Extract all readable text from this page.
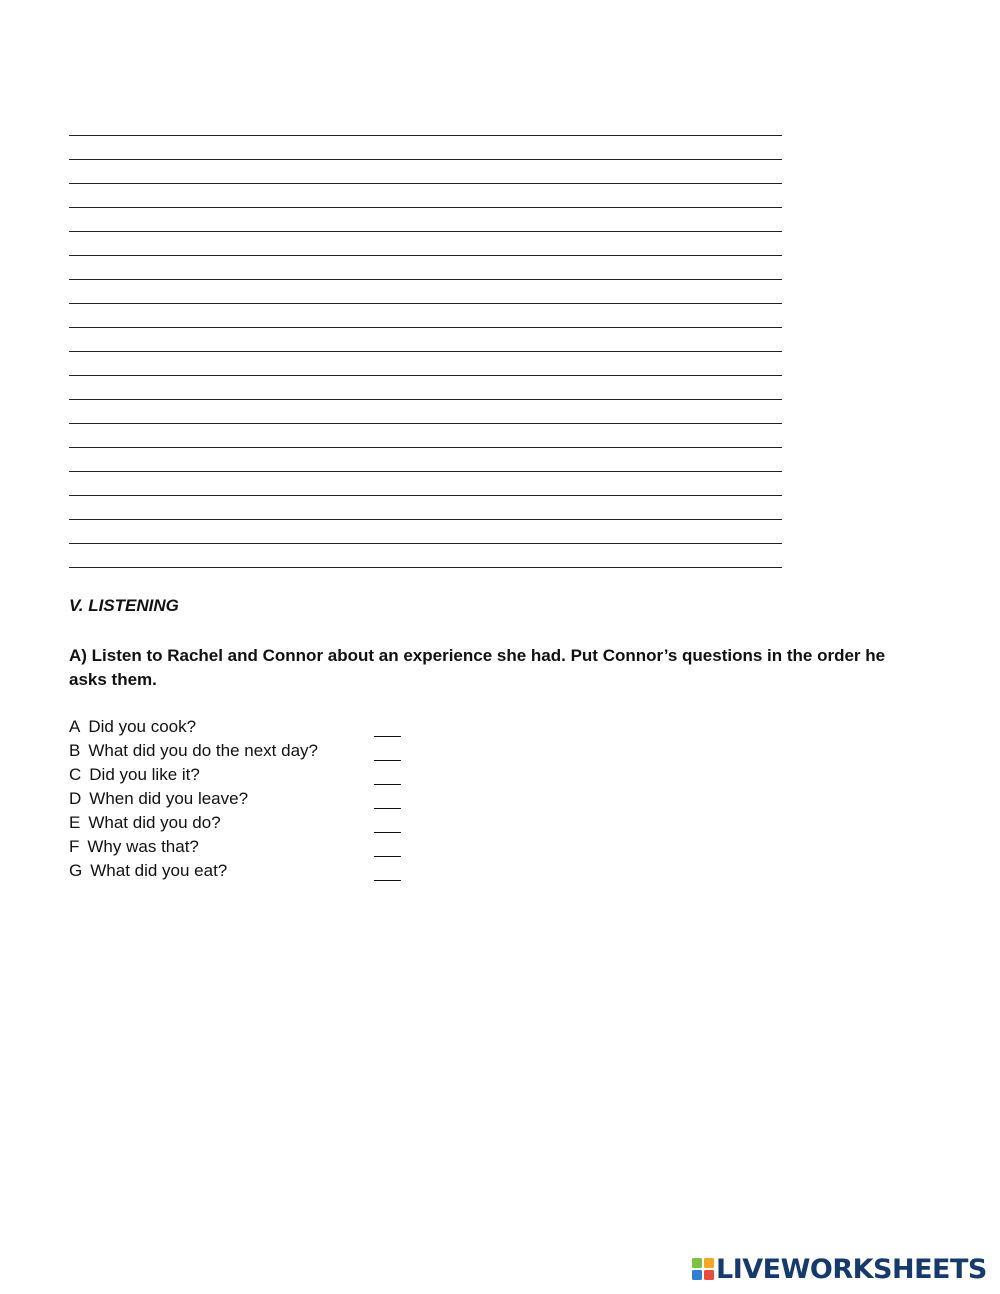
V. LISTENING
A) Listen to Rachel and Connor about an experience she had. Put Connor’s questions in the order he asks them.
A Did you cook?
B What did you do the next day?
C Did you like it?
D When did you leave?
E What did you do?
F Why was that?
G What did you eat?
LIVEWORKSHEETS
